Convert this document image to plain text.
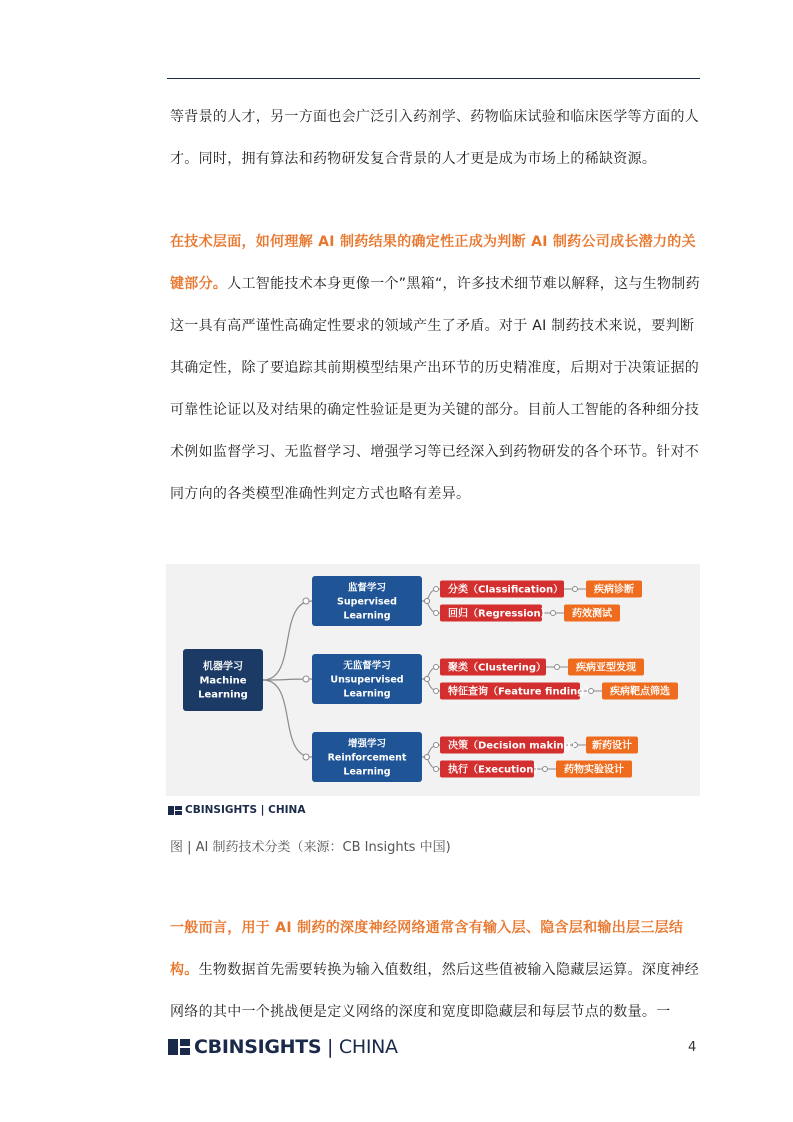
等背景的人才，另一方面也会广泛引入药剂学、药物临床试验和临床医学等方面的人才。同时，拥有算法和药物研发复合背景的人才更是成为市场上的稀缺资源。

在技术层面，如何理解 AI 制药结果的确定性正成为判断 AI 制药公司成长潜力的关键部分。人工智能技术本身更像一个”黑箱“，许多技术细节难以解释，这与生物制药这一具有高严谨性高确定性要求的领域产生了矛盾。对于 AI 制药技术来说，要判断其确定性，除了要追踪其前期模型结果产出环节的历史精准度，后期对于决策证据的可靠性论证以及对结果的确定性验证是更为关键的部分。目前人工智能的各种细分技术例如监督学习、无监督学习、增强学习等已经深入到药物研发的各个环节。针对不同方向的各类模型准确性判定方式也略有差异。

机器学习
Machine
Learning
监督学习
Supervised
Learning
分类（Classification）	疾病诊断
回归（Regression） 药效测试
无监督学习
Unsupervised
Learning
聚类（Clustering）	疾病亚型发现
特征查询（Feature finding） 疾病靶点筛选
增强学习
Reinforcement
Learning
决策（Decision making） 新药设计
执行（Execution） 药物实验设计
CBINSIGHTS | CHINA
图 | AI 制药技术分类（来源：CB Insights 中国)

一般而言，用于 AI 制药的深度神经网络通常含有输入层、隐含层和输出层三层结构。生物数据首先需要转换为输入值数组，然后这些值被输入隐藏层运算。深度神经网络的其中一个挑战便是定义网络的深度和宽度即隐藏层和每层节点的数量。一

CBINSIGHTS | CHINA	4
